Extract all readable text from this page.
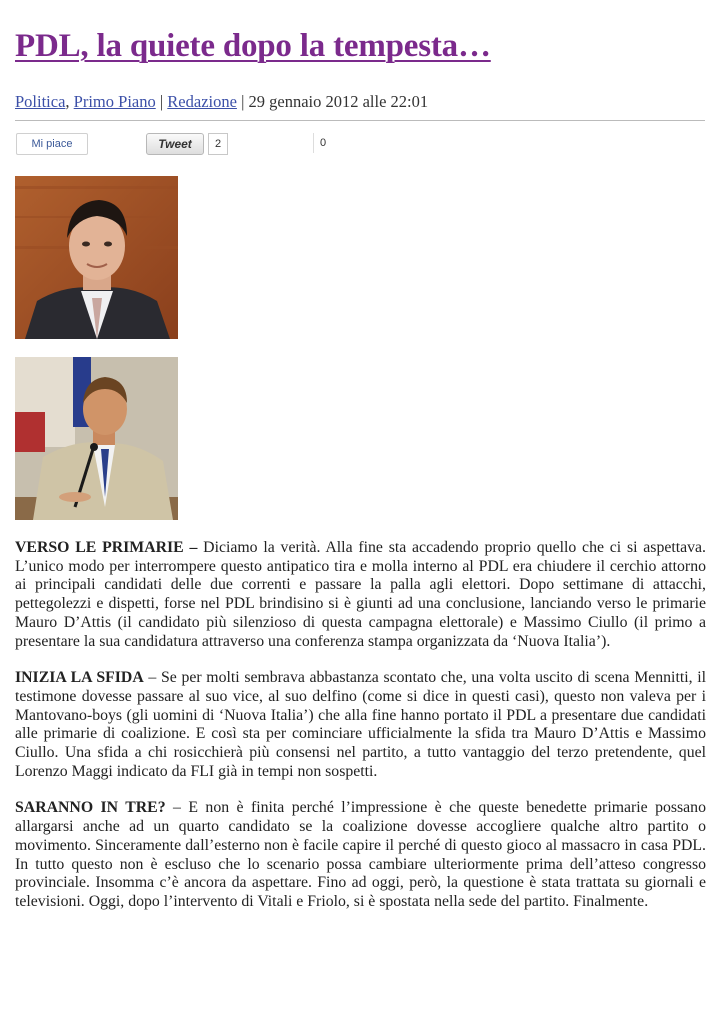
PDL, la quiete dopo la tempesta…
Politica, Primo Piano | Redazione | 29 gennaio 2012 alle 22:01
Mi piace	Tweet	2	0

VERSO LE PRIMARIE – Diciamo la verità. Alla fine sta accadendo proprio quello che ci si aspettava. L’unico modo per interrompere questo antipatico tira e molla interno al PDL era chiudere il cerchio attorno ai principali candidati delle due correnti e passare la palla agli elettori. Dopo settimane di attacchi, pettegolezzi e dispetti, forse nel PDL brindisino si è giunti ad una conclusione, lanciando verso le primarie Mauro D’Attis (il candidato più silenzioso di questa campagna elettorale) e Massimo Ciullo (il primo a presentare la sua candidatura attraverso una conferenza stampa organizzata da ‘Nuova Italia’).

INIZIA LA SFIDA – Se per molti sembrava abbastanza scontato che, una volta uscito di scena Mennitti, il testimone dovesse passare al suo vice, al suo delfino (come si dice in questi casi), questo non valeva per i Mantovano-boys (gli uomini di ‘Nuova Italia’) che alla fine hanno portato il PDL a presentare due candidati alle primarie di coalizione. E così sta per cominciare ufficialmente la sfida tra Mauro D’Attis e Massimo Ciullo. Una sfida a chi rosicchierà più consensi nel partito, a tutto vantaggio del terzo pretendente, quel Lorenzo Maggi indicato da FLI già in tempi non sospetti.

SARANNO IN TRE? – E non è finita perché l’impressione è che queste benedette primarie possano allargarsi anche ad un quarto candidato se la coalizione dovesse accogliere qualche altro partito o movimento. Sinceramente dall’esterno non è facile capire il perché di questo gioco al massacro in casa PDL. In tutto questo non è escluso che lo scenario possa cambiare ulteriormente prima dell’atteso congresso provinciale. Insomma c’è ancora da aspettare. Fino ad oggi, però, la questione è stata trattata su giornali e televisioni. Oggi, dopo l’intervento di Vitali e Friolo, si è spostata nella sede del partito. Finalmente.
